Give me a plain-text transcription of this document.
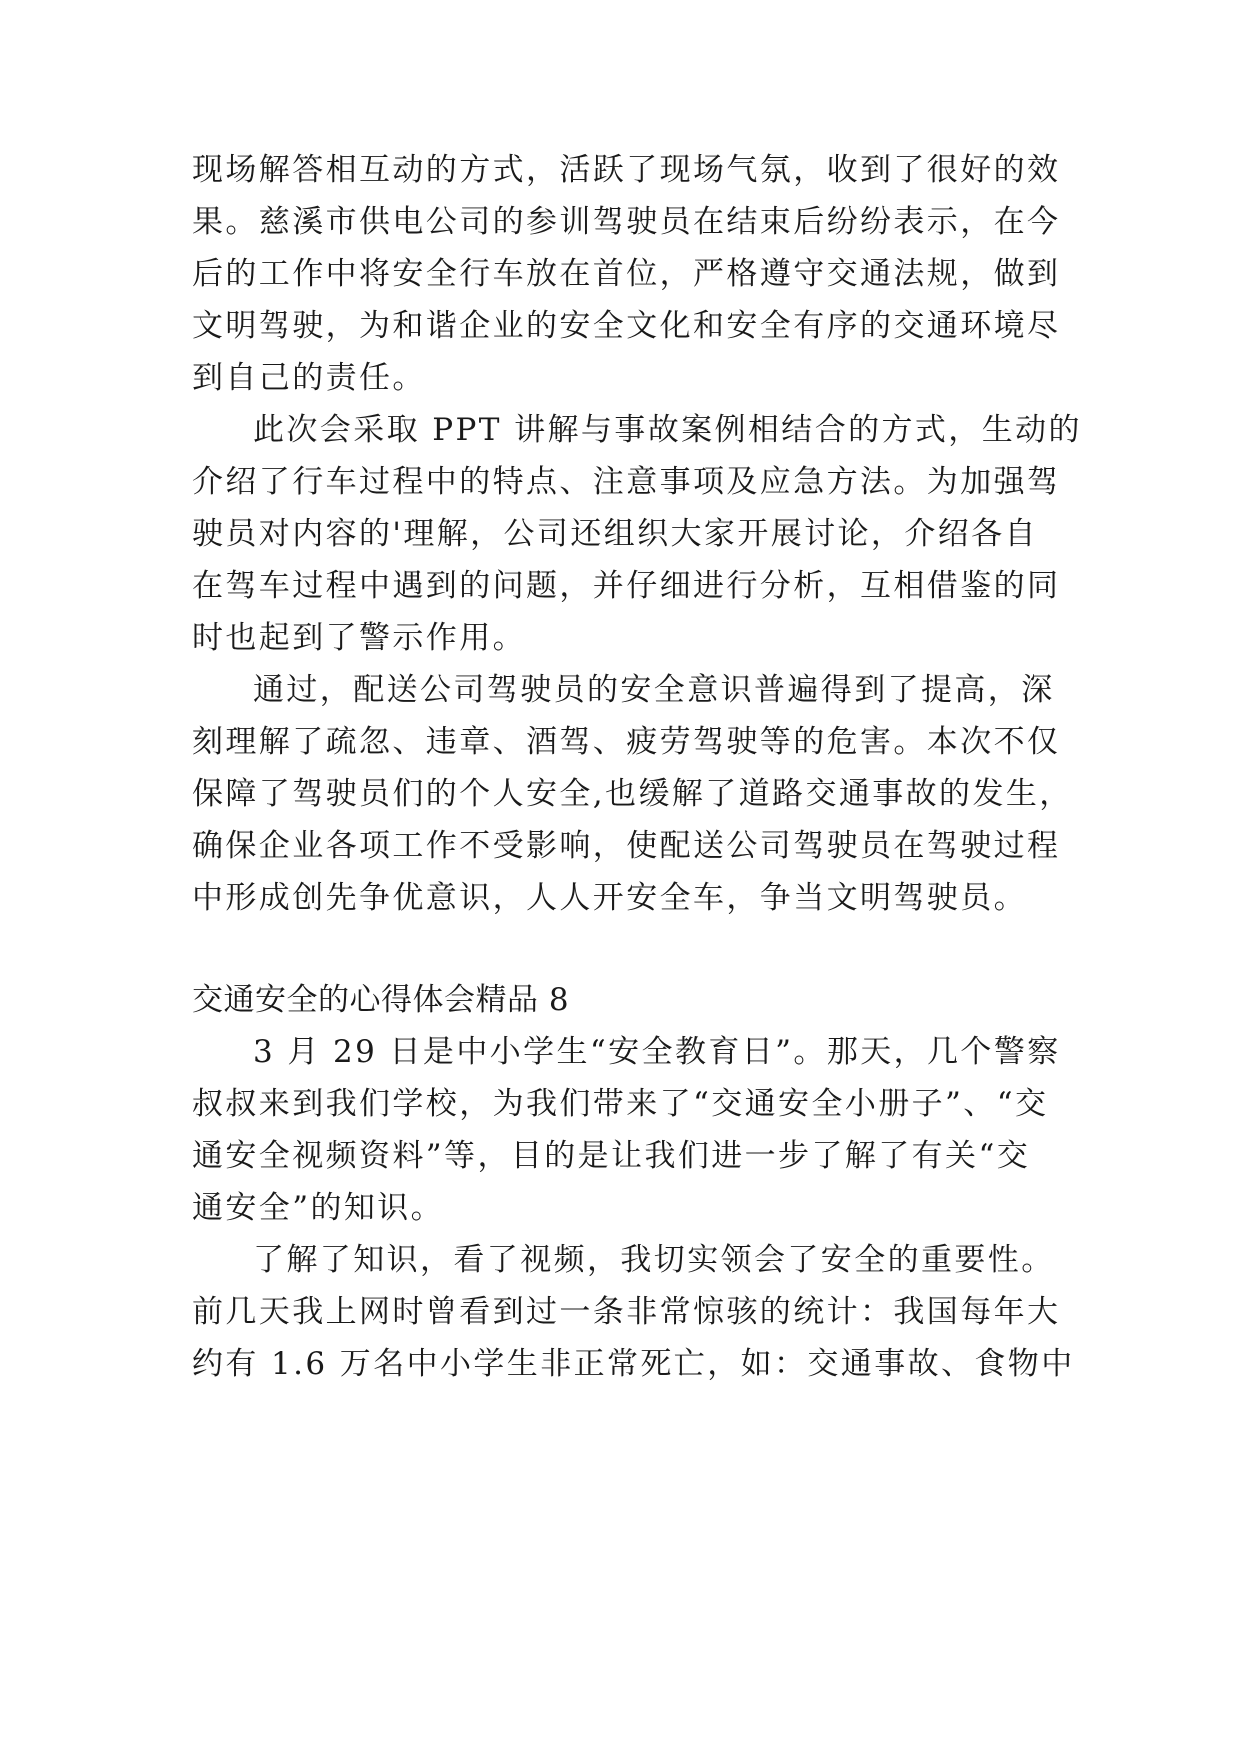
现场解答相互动的方式，活跃了现场气氛，收到了很好的效
果。慈溪市供电公司的参训驾驶员在结束后纷纷表示，在今
后的工作中将安全行车放在首位，严格遵守交通法规，做到
文明驾驶，为和谐企业的安全文化和安全有序的交通环境尽
到自己的责任。
此次会采取 PPT 讲解与事故案例相结合的方式，生动的
介绍了行车过程中的特点、注意事项及应急方法。为加强驾
驶员对内容的'理解，公司还组织大家开展讨论，介绍各自
在驾车过程中遇到的问题，并仔细进行分析，互相借鉴的同
时也起到了警示作用。
通过，配送公司驾驶员的安全意识普遍得到了提高，深
刻理解了疏忽、违章、酒驾、疲劳驾驶等的危害。本次不仅
保障了驾驶员们的个人安全,也缓解了道路交通事故的发生，
确保企业各项工作不受影响，使配送公司驾驶员在驾驶过程
中形成创先争优意识，人人开安全车，争当文明驾驶员。
交通安全的心得体会精品 8
3 月 29 日是中小学生“安全教育日”。那天，几个警察
叔叔来到我们学校，为我们带来了“交通安全小册子”、“交
通安全视频资料”等，目的是让我们进一步了解了有关“交
通安全”的知识。
了解了知识，看了视频，我切实领会了安全的重要性。
前几天我上网时曾看到过一条非常惊骇的统计：我国每年大
约有 1.6 万名中小学生非正常死亡，如：交通事故、食物中
